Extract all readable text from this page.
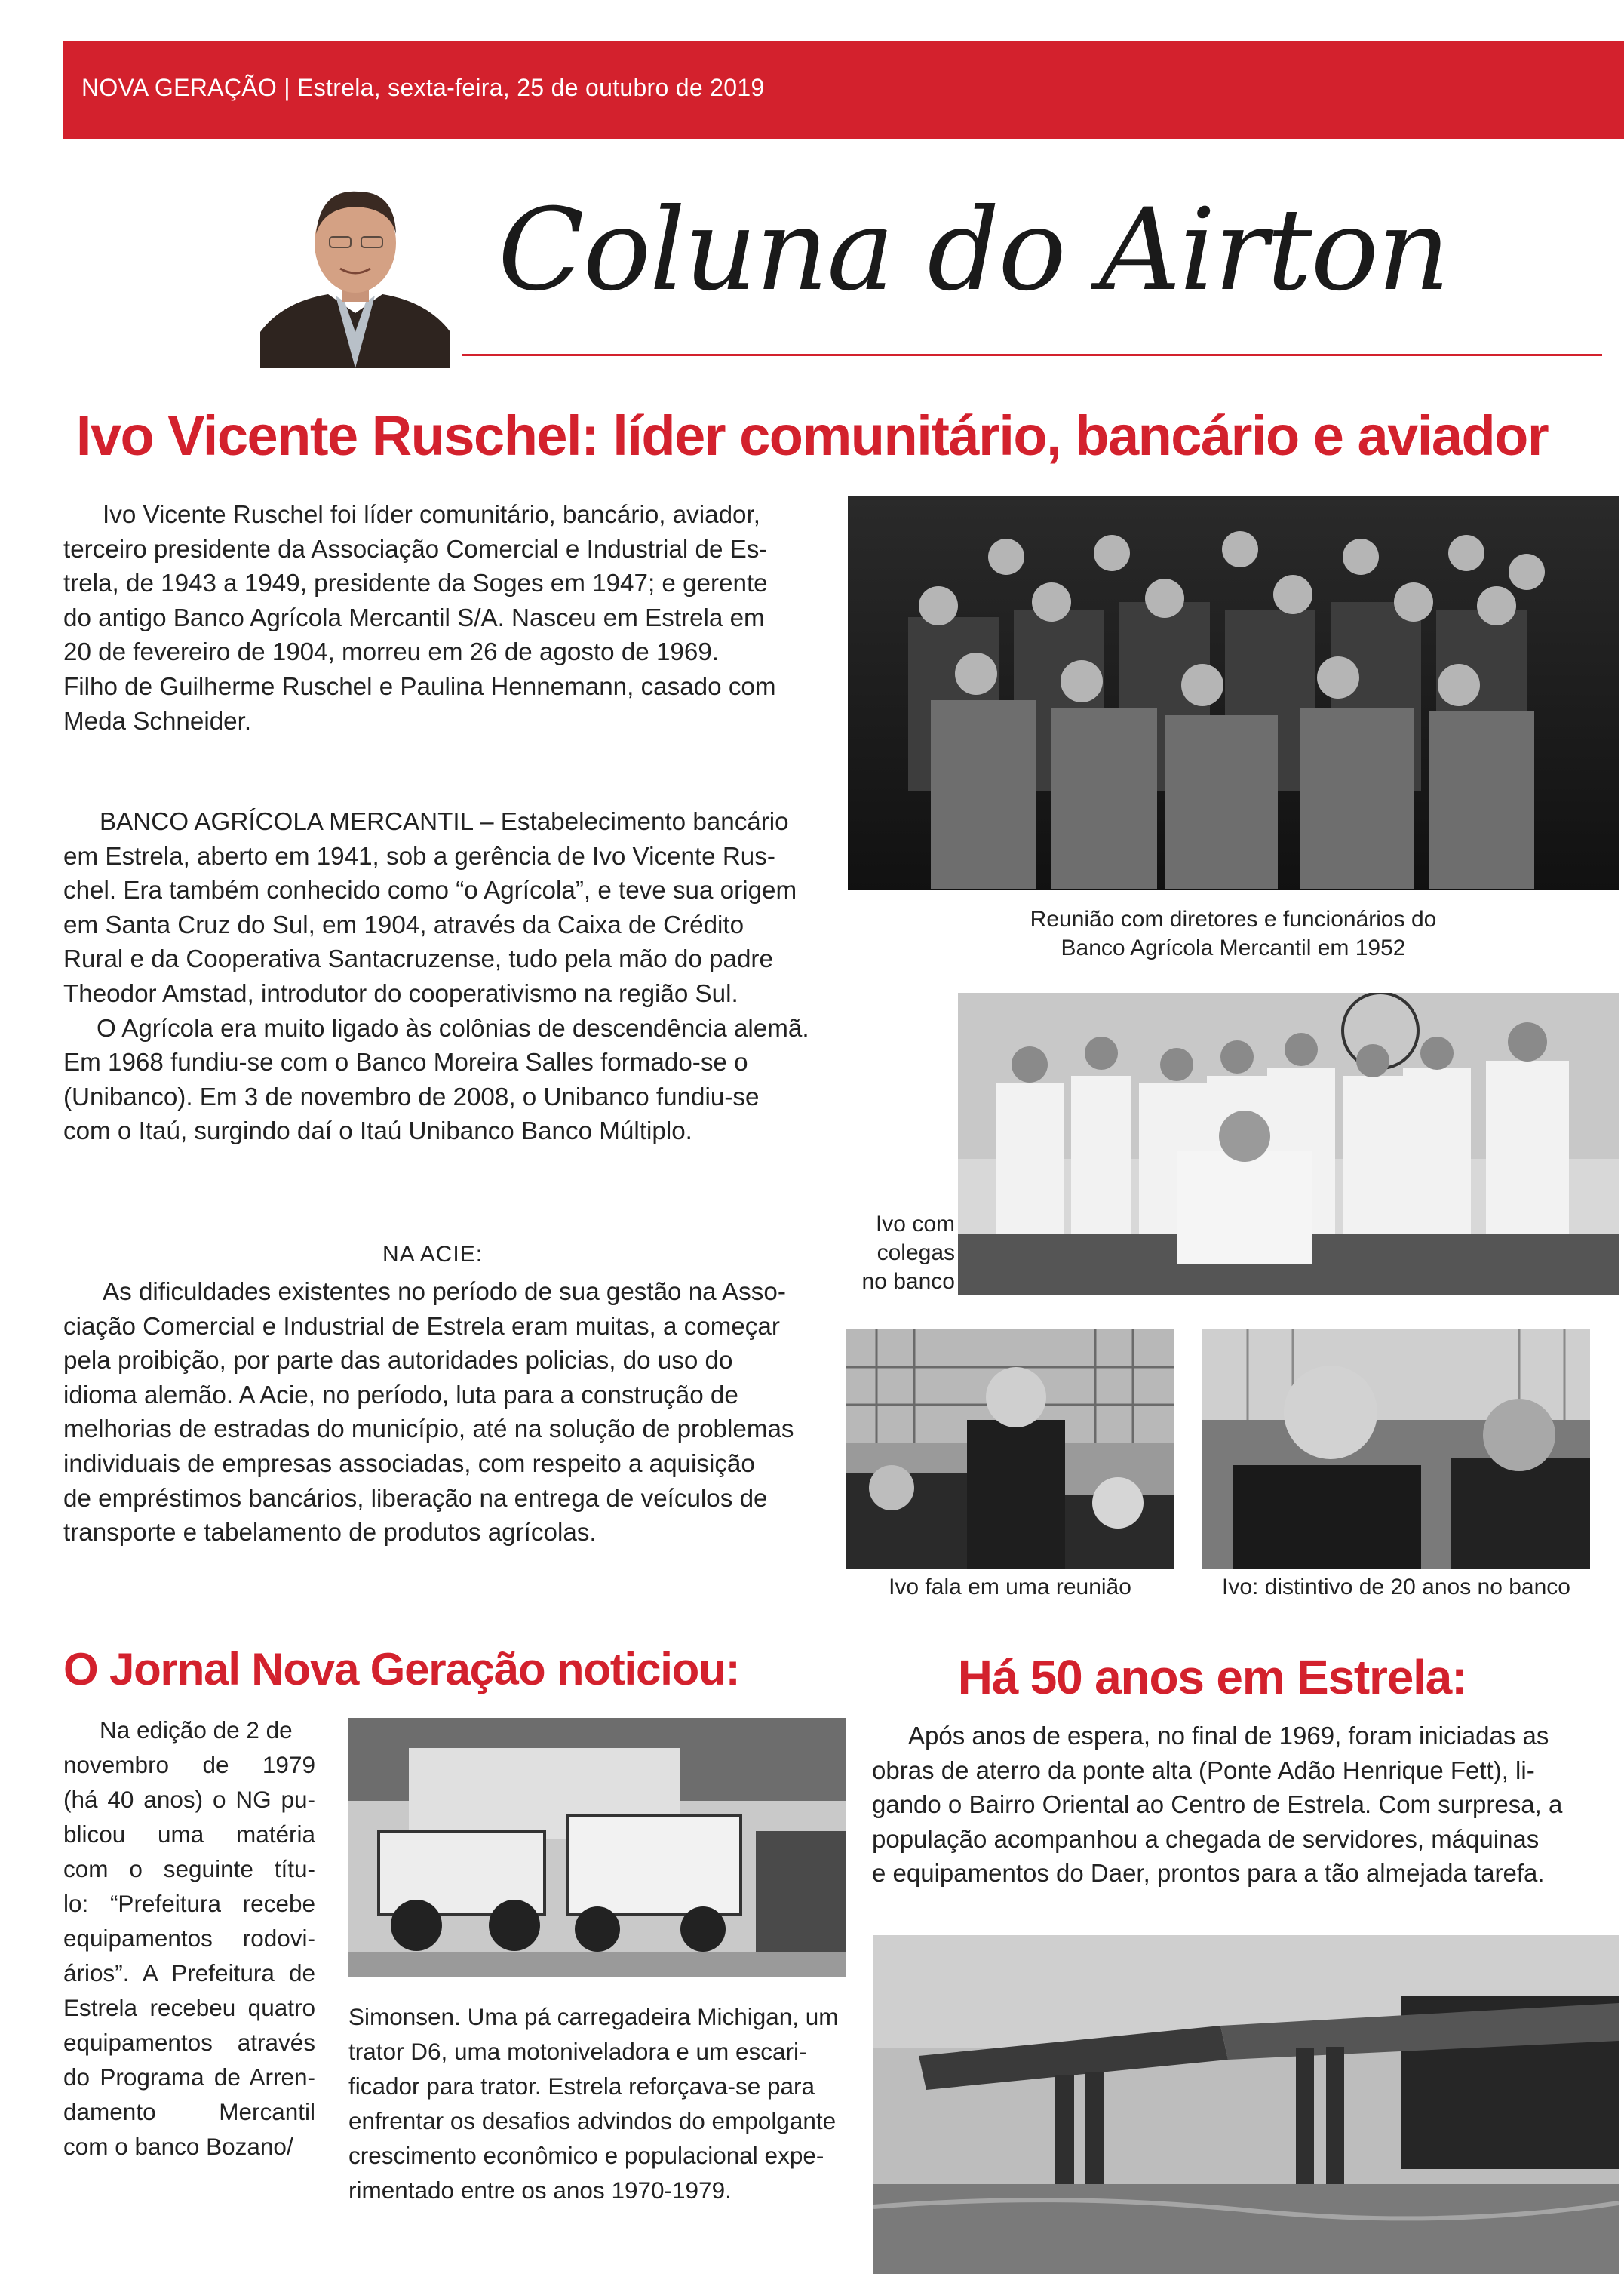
NOVA GERAÇÃO | Estrela, sexta-feira, 25 de outubro de 2019
Coluna do Airton
Ivo Vicente Ruschel: líder comunitário, bancário e aviador
Ivo Vicente Ruschel foi líder comunitário, bancário, aviador,
terceiro presidente da Associação Comercial e Industrial de Es-
trela, de 1943 a 1949, presidente da Soges em 1947; e gerente
do antigo Banco Agrícola Mercantil S/A. Nasceu em Estrela em
20 de fevereiro de 1904, morreu em 26 de agosto de 1969.
Filho de Guilherme Ruschel e Paulina Hennemann, casado com
Meda Schneider.
BANCO AGRÍCOLA MERCANTIL – Estabelecimento bancário
em Estrela, aberto em 1941, sob a gerência de Ivo Vicente Rus-
chel. Era também conhecido como “o Agrícola”, e teve sua origem
em Santa Cruz do Sul, em 1904, através da Caixa de Crédito
Rural e da Cooperativa Santacruzense, tudo pela mão do padre
Theodor Amstad, introdutor do cooperativismo na região Sul.
O Agrícola era muito ligado às colônias de descendência alemã.
Em 1968 fundiu-se com o Banco Moreira Salles formado-se o
(Unibanco). Em 3 de novembro de 2008, o Unibanco fundiu-se
com o Itaú, surgindo daí o Itaú Unibanco Banco Múltiplo.
NA ACIE:
As dificuldades existentes no período de sua gestão na Asso-
ciação Comercial e Industrial de Estrela eram muitas, a começar
pela proibição, por parte das autoridades policias, do uso do
idioma alemão. A Acie, no período, luta para a construção de
melhorias de estradas do município, até na solução de problemas
individuais de empresas associadas, com respeito a aquisição
de empréstimos bancários, liberação na entrega de veículos de
transporte e tabelamento de produtos agrícolas.
Reunião com diretores e funcionários do
Banco Agrícola Mercantil em 1952
Ivo com
colegas
no banco
Ivo fala em uma reunião	Ivo: distintivo de 20 anos no banco
O Jornal Nova Geração noticiou:
Na edição de 2 de
novembro de 1979
(há 40 anos) o NG pu-
blicou uma matéria
com o seguinte títu-
lo: “Prefeitura recebe
equipamentos rodovi-
ários”. A Prefeitura de
Estrela recebeu quatro
equipamentos através
do Programa de Arren-
damento Mercantil
com o banco Bozano/
Simonsen. Uma pá carregadeira Michigan, um
trator D6, uma motoniveladora e um escari-
ficador para trator. Estrela reforçava-se para
enfrentar os desafios advindos do empolgante
crescimento econômico e populacional expe-
rimentado entre os anos 1970-1979.
Há 50 anos em Estrela:
Após anos de espera, no final de 1969, foram iniciadas as
obras de aterro da ponte alta (Ponte Adão Henrique Fett), li-
gando o Bairro Oriental ao Centro de Estrela. Com surpresa, a
população acompanhou a chegada de servidores, máquinas
e equipamentos do Daer, prontos para a tão almejada tarefa.
